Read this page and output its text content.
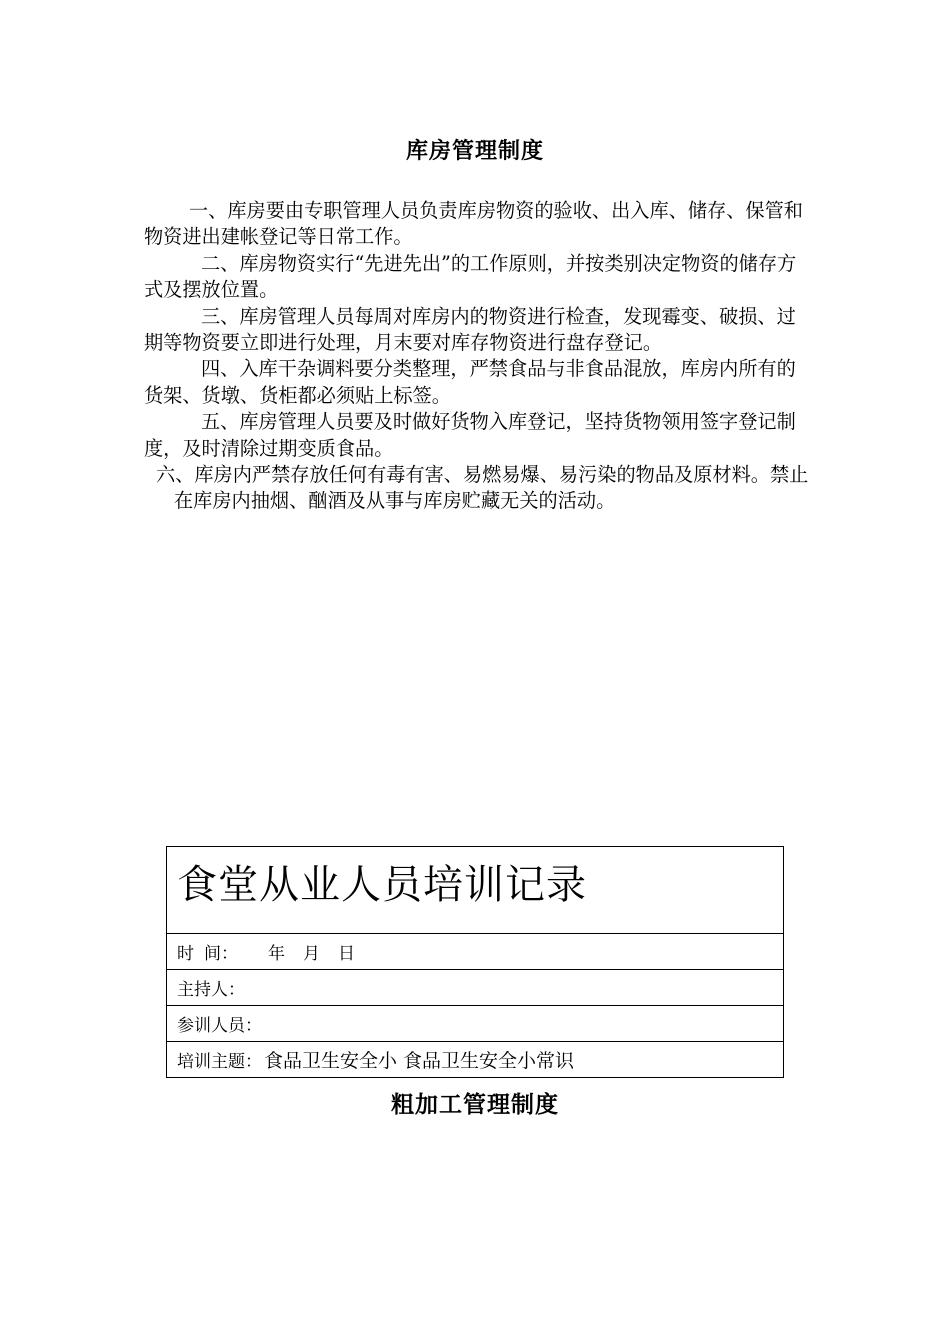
库房管理制度

一、库房要由专职管理人员负责库房物资的验收、出入库、储存、保管和物资进出建帐登记等日常工作。

二、库房物资实行“先进先出”的工作原则，并按类别决定物资的储存方式及摆放位置。

三、库房管理人员每周对库房内的物资进行检查，发现霉变、破损、过期等物资要立即进行处理，月末要对库存物资进行盘存登记。

四、入库干杂调料要分类整理，严禁食品与非食品混放，库房内所有的货架、货墩、货柜都必须贴上标签。

五、库房管理人员要及时做好货物入库登记，坚持货物领用签字登记制度，及时清除过期变质食品。

六、库房内严禁存放任何有毒有害、易燃易爆、易污染的物品及原材料。禁止在库房内抽烟、酗酒及从事与库房贮藏无关的活动。

食堂从业人员培训记录
时 间： 年 月 日
主持人：
参训人员：
培训主题： 食品卫生安全小 食品卫生安全小常识
粗加工管理制度
